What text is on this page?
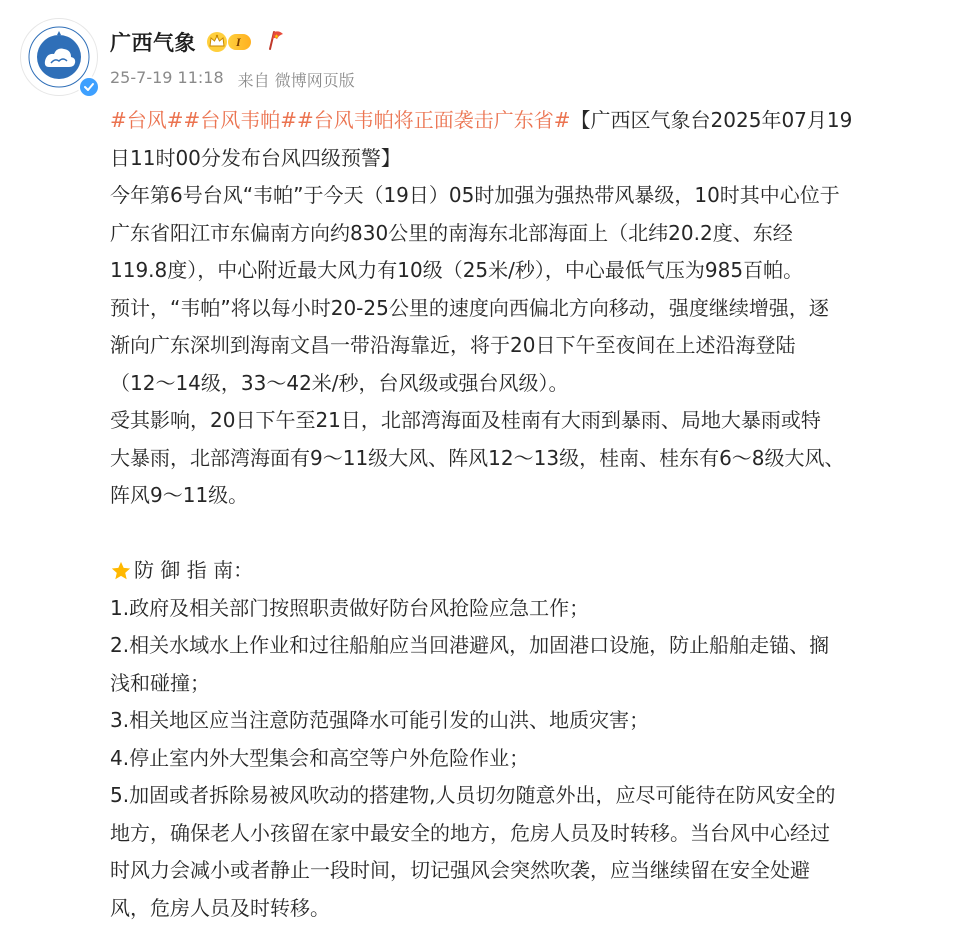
广西气象	I
25-7-19 11:18 来自 微博网页版

#台风##台风韦帕##台风韦帕将正面袭击广东省#【广西区气象台2025年07月19

日11时00分发布台风四级预警】

今年第6号台风“韦帕”于今天（19日）05时加强为强热带风暴级，10时其中心位于

广东省阳江市东偏南方向约830公里的南海东北部海面上（北纬20.2度、东经

119.8度），中心附近最大风力有10级（25米/秒），中心最低气压为985百帕。

预计，“韦帕”将以每小时20-25公里的速度向西偏北方向移动，强度继续增强，逐

渐向广东深圳到海南文昌一带沿海靠近，将于20日下午至夜间在上述沿海登陆

（12～14级，33～42米/秒，台风级或强台风级）。

受其影响，20日下午至21日，北部湾海面及桂南有大雨到暴雨、局地大暴雨或特

大暴雨，北部湾海面有9～11级大风、阵风12～13级，桂南、桂东有6～8级大风、

阵风9～11级。

防 御 指 南：

1.政府及相关部门按照职责做好防台风抢险应急工作；

2.相关水域水上作业和过往船舶应当回港避风，加固港口设施，防止船舶走锚、搁

浅和碰撞；

3.相关地区应当注意防范强降水可能引发的山洪、地质灾害；

4.停止室内外大型集会和高空等户外危险作业；

5.加固或者拆除易被风吹动的搭建物,人员切勿随意外出，应尽可能待在防风安全的

地方，确保老人小孩留在家中最安全的地方，危房人员及时转移。当台风中心经过

时风力会减小或者静止一段时间，切记强风会突然吹袭，应当继续留在安全处避

风，危房人员及时转移。
